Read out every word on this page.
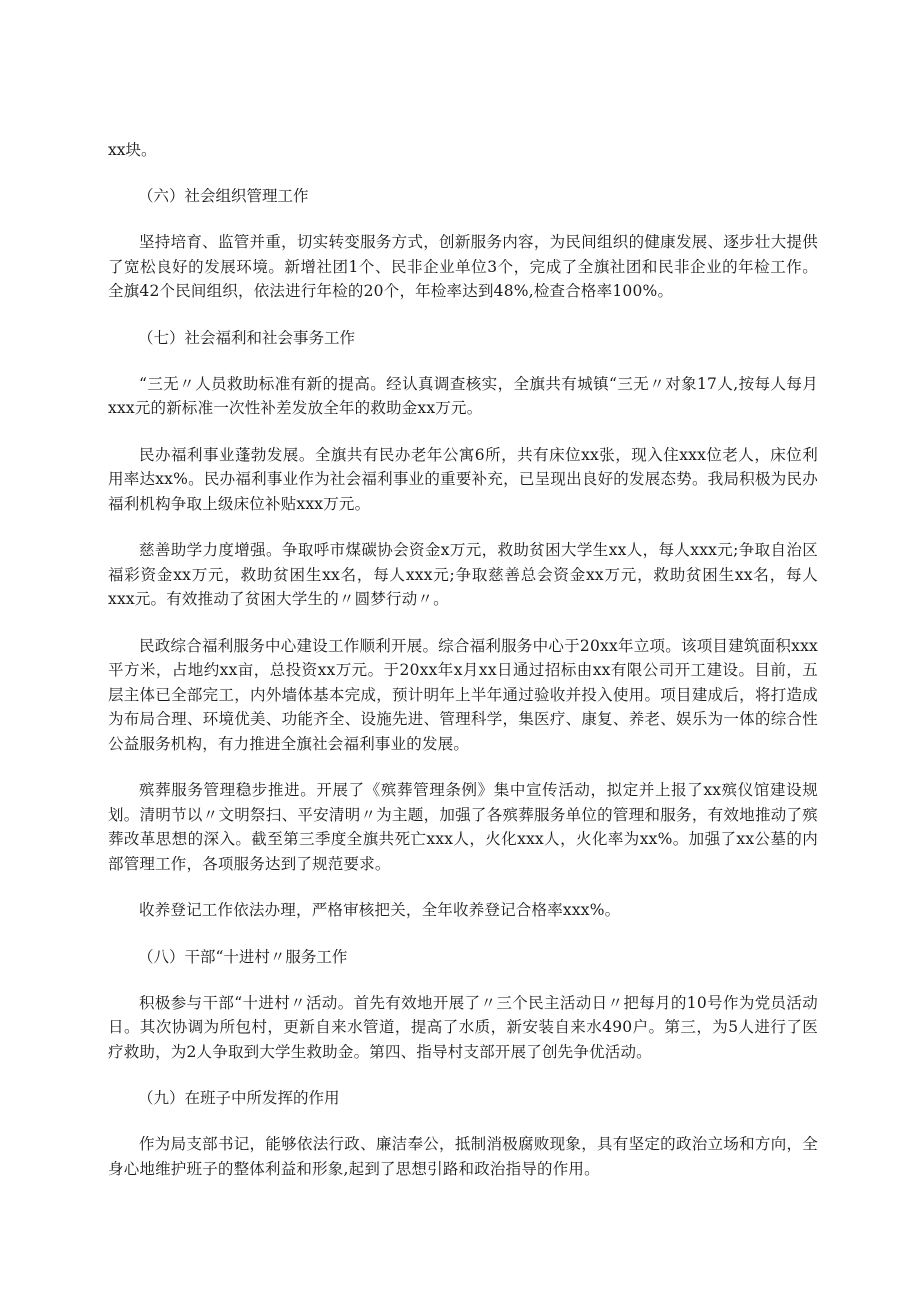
xx块。

（六）社会组织管理工作

坚持培育、监管并重，切实转变服务方式，创新服务内容，为民间组织的健康发展、逐步壮大提供了宽松良好的发展环境。新增社团1个、民非企业单位3个，完成了全旗社团和民非企业的年检工作。全旗42个民间组织，依法进行年检的20个，年检率达到48%,检查合格率100%。

（七）社会福利和社会事务工作

“三无〃人员救助标准有新的提高。经认真调查核实，全旗共有城镇“三无〃对象17人,按每人每月xxx元的新标准一次性补差发放全年的救助金xx万元。

民办福利事业蓬勃发展。全旗共有民办老年公寓6所，共有床位xx张，现入住xxx位老人，床位利用率达xx%。民办福利事业作为社会福利事业的重要补充，已呈现出良好的发展态势。我局积极为民办福利机构争取上级床位补贴xxx万元。

慈善助学力度增强。争取呼市煤碳协会资金x万元，救助贫困大学生xx人，每人xxx元;争取自治区福彩资金xx万元，救助贫困生xx名，每人xxx元;争取慈善总会资金xx万元，救助贫困生xx名，每人xxx元。有效推动了贫困大学生的〃圆梦行动〃。

民政综合福利服务中心建设工作顺利开展。综合福利服务中心于20xx年立项。该项目建筑面积xxx平方米，占地约xx亩，总投资xx万元。于20xx年x月xx日通过招标由xx有限公司开工建设。目前，五层主体已全部完工，内外墙体基本完成，预计明年上半年通过验收并投入使用。项目建成后，将打造成为布局合理、环境优美、功能齐全、设施先进、管理科学，集医疗、康复、养老、娱乐为一体的综合性公益服务机构，有力推进全旗社会福利事业的发展。

殡葬服务管理稳步推进。开展了《殡葬管理条例》集中宣传活动，拟定并上报了xx殡仪馆建设规划。清明节以〃文明祭扫、平安清明〃为主题，加强了各殡葬服务单位的管理和服务，有效地推动了殡葬改革思想的深入。截至第三季度全旗共死亡xxx人，火化xxx人，火化率为xx%。加强了xx公墓的内部管理工作，各项服务达到了规范要求。

收养登记工作依法办理，严格审核把关，全年收养登记合格率xxx%。

（八）干部“十进村〃服务工作

积极参与干部“十进村〃活动。首先有效地开展了〃三个民主活动日〃把每月的10号作为党员活动日。其次协调为所包村，更新自来水管道，提高了水质，新安装自来水490户。第三，为5人进行了医疗救助，为2人争取到大学生救助金。第四、指导村支部开展了创先争优活动。

（九）在班子中所发挥的作用

作为局支部书记，能够依法行政、廉洁奉公，抵制消极腐败现象，具有坚定的政治立场和方向，全身心地维护班子的整体利益和形象,起到了思想引路和政治指导的作用。
